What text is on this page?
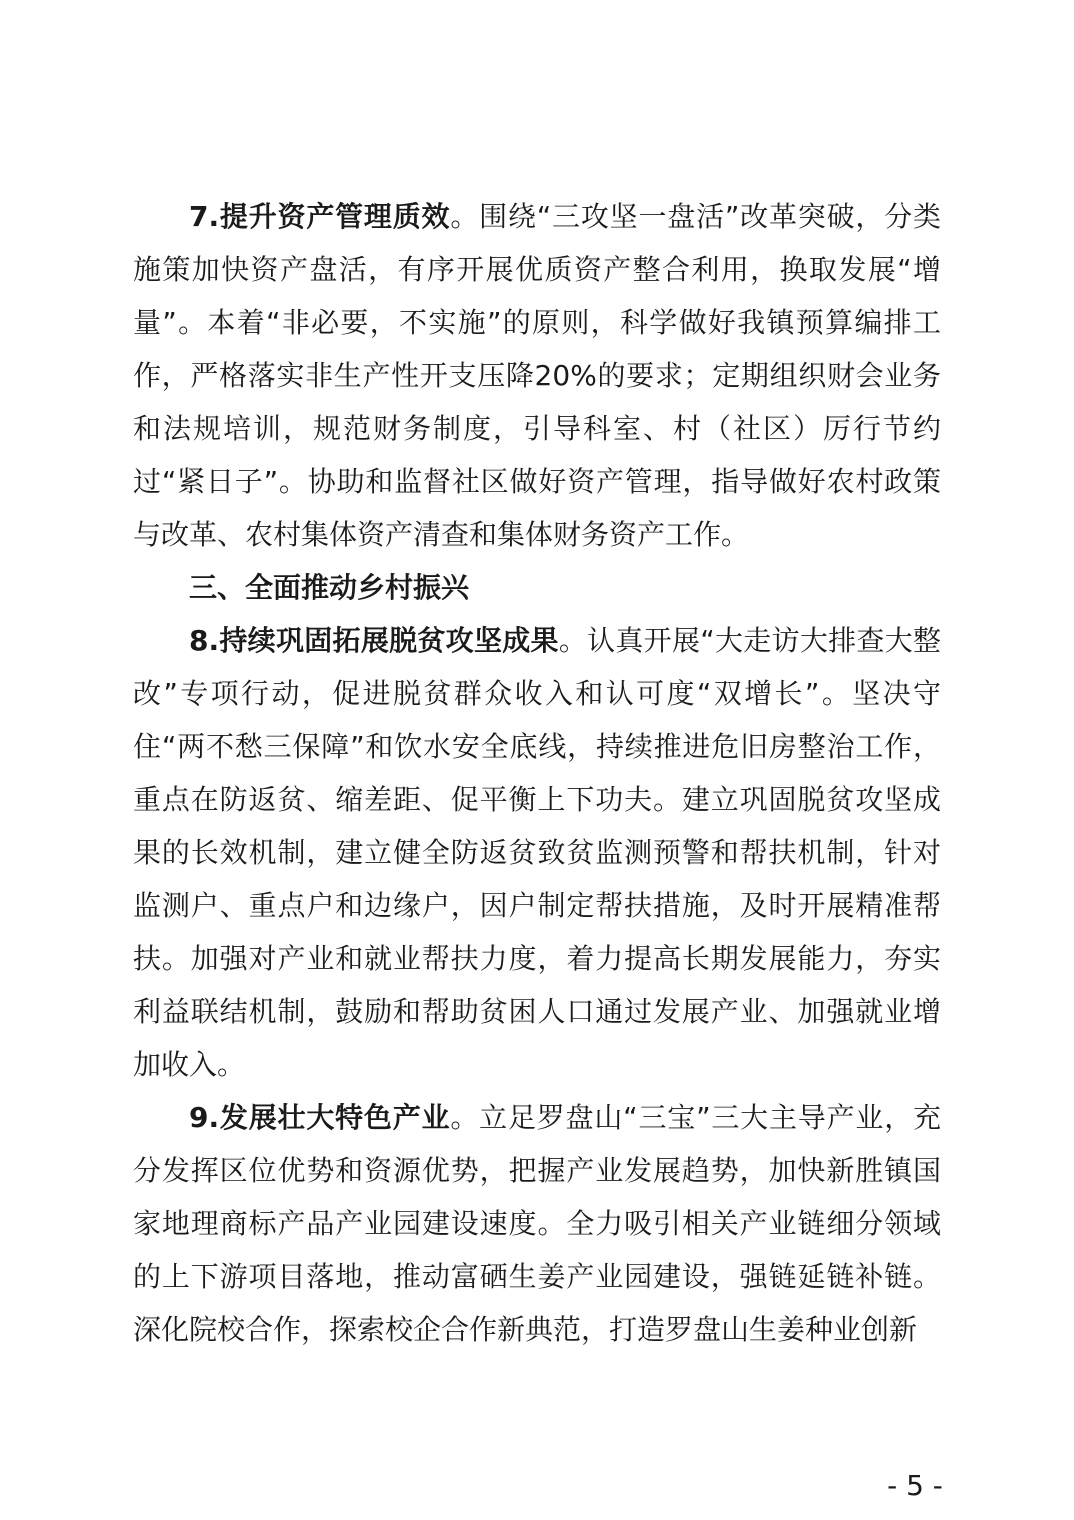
7.提升资产管理质效。围绕“三攻坚一盘活”改革突破，分类施策加快资产盘活，有序开展优质资产整合利用，换取发展“增量”。本着“非必要，不实施”的原则，科学做好我镇预算编排工作，严格落实非生产性开支压降20%的要求；定期组织财会业务和法规培训，规范财务制度，引导科室、村（社区）厉行节约过“紧日子”。协助和监督社区做好资产管理，指导做好农村政策与改革、农村集体资产清查和集体财务资产工作。

三、全面推动乡村振兴

8.持续巩固拓展脱贫攻坚成果。认真开展“大走访大排查大整改”专项行动，促进脱贫群众收入和认可度“双增长”。坚决守住“两不愁三保障”和饮水安全底线，持续推进危旧房整治工作，重点在防返贫、缩差距、促平衡上下功夫。建立巩固脱贫攻坚成果的长效机制，建立健全防返贫致贫监测预警和帮扶机制，针对监测户、重点户和边缘户，因户制定帮扶措施，及时开展精准帮扶。加强对产业和就业帮扶力度，着力提高长期发展能力，夯实利益联结机制，鼓励和帮助贫困人口通过发展产业、加强就业增加收入。

9.发展壮大特色产业。立足罗盘山“三宝”三大主导产业，充分发挥区位优势和资源优势，把握产业发展趋势，加快新胜镇国家地理商标产品产业园建设速度。全力吸引相关产业链细分领域的上下游项目落地，推动富硒生姜产业园建设，强链延链补链。深化院校合作，探索校企合作新典范，打造罗盘山生姜种业创新

- 5 -
